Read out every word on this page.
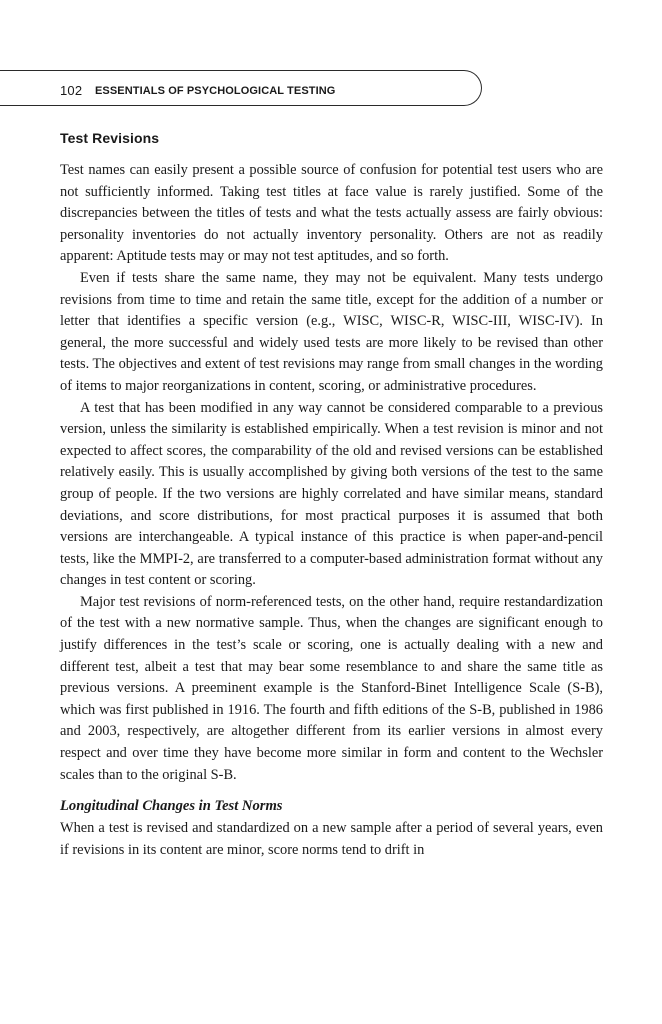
102 ESSENTIALS OF PSYCHOLOGICAL TESTING
Test Revisions

Test names can easily present a possible source of confusion for potential test users who are not sufficiently informed. Taking test titles at face value is rarely justified. Some of the discrepancies between the titles of tests and what the tests actually assess are fairly obvious: personality inventories do not actually inventory personality. Others are not as readily apparent: Aptitude tests may or may not test aptitudes, and so forth.

Even if tests share the same name, they may not be equivalent. Many tests undergo revisions from time to time and retain the same title, except for the addition of a number or letter that identifies a specific version (e.g., WISC, WISC-R, WISC-III, WISC-IV). In general, the more successful and widely used tests are more likely to be revised than other tests. The objectives and extent of test revisions may range from small changes in the wording of items to major reorganizations in content, scoring, or administrative procedures.

A test that has been modified in any way cannot be considered comparable to a previous version, unless the similarity is established empirically. When a test revision is minor and not expected to affect scores, the comparability of the old and revised versions can be established relatively easily. This is usually accomplished by giving both versions of the test to the same group of people. If the two versions are highly correlated and have similar means, standard deviations, and score distributions, for most practical purposes it is assumed that both versions are interchangeable. A typical instance of this practice is when paper-and-pencil tests, like the MMPI-2, are transferred to a computer-based administration format without any changes in test content or scoring.

Major test revisions of norm-referenced tests, on the other hand, require restandardization of the test with a new normative sample. Thus, when the changes are significant enough to justify differences in the test’s scale or scoring, one is actually dealing with a new and different test, albeit a test that may bear some resemblance to and share the same title as previous versions. A preeminent example is the Stanford-Binet Intelligence Scale (S-B), which was first published in 1916. The fourth and fifth editions of the S-B, published in 1986 and 2003, respectively, are altogether different from its earlier versions in almost every respect and over time they have become more similar in form and content to the Wechsler scales than to the original S-B.

Longitudinal Changes in Test Norms

When a test is revised and standardized on a new sample after a period of several years, even if revisions in its content are minor, score norms tend to drift in
